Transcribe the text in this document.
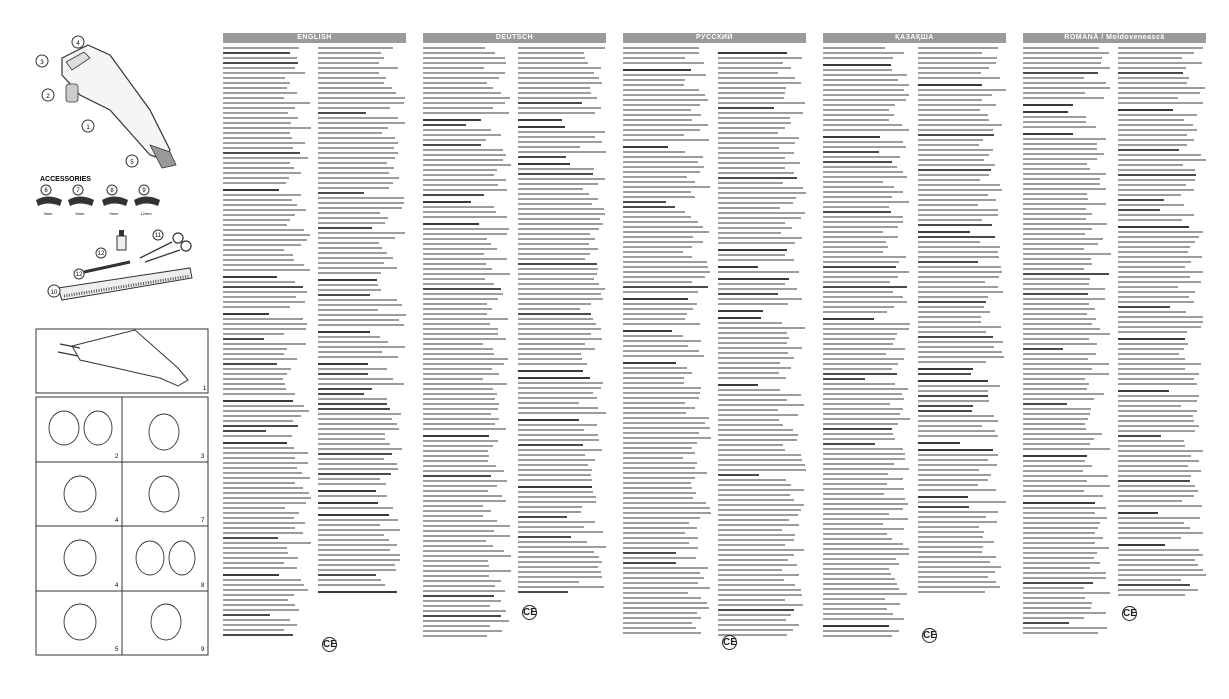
4
3
2
1
5
ACCESSORIES
6
3mm
7
6mm
8
9mm
9
12mm
11
12
12
10
1
2	3
4	7
4	8
5	9
ENGLISH	DEUTSCH	РУССКИЙ	ҚАЗАҚША	ROMÂNĂ / Moldovenească
CE
CE
CE
CE
CE
